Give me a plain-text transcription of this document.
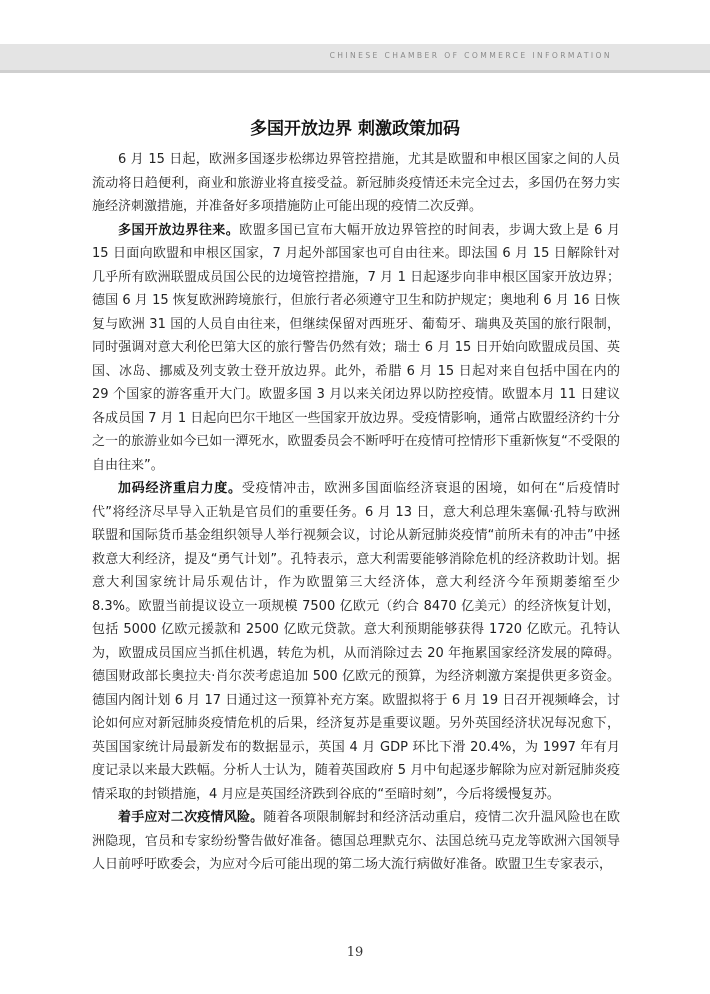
CHINESE CHAMBER OF COMMERCE INFORMATION
多国开放边界 刺激政策加码

6 月 15 日起，欧洲多国逐步松绑边界管控措施，尤其是欧盟和申根区国家之间的人员流动将日趋便利，商业和旅游业将直接受益。新冠肺炎疫情还未完全过去，多国仍在努力实施经济刺激措施，并准备好多项措施防止可能出现的疫情二次反弹。

多国开放边界往来。欧盟多国已宣布大幅开放边界管控的时间表，步调大致上是 6 月 15 日面向欧盟和申根区国家，7 月起外部国家也可自由往来。即法国 6 月 15 日解除针对几乎所有欧洲联盟成员国公民的边境管控措施，7 月 1 日起逐步向非申根区国家开放边界；德国 6 月 15 恢复欧洲跨境旅行，但旅行者必须遵守卫生和防护规定；奥地利 6 月 16 日恢复与欧洲 31 国的人员自由往来，但继续保留对西班牙、葡萄牙、瑞典及英国的旅行限制，同时强调对意大利伦巴第大区的旅行警告仍然有效；瑞士 6 月 15 日开始向欧盟成员国、英国、冰岛、挪威及列支敦士登开放边界。此外，希腊 6 月 15 日起对来自包括中国在内的 29 个国家的游客重开大门。欧盟多国 3 月以来关闭边界以防控疫情。欧盟本月 11 日建议各成员国 7 月 1 日起向巴尔干地区一些国家开放边界。受疫情影响，通常占欧盟经济约十分之一的旅游业如今已如一潭死水，欧盟委员会不断呼吁在疫情可控情形下重新恢复“不受限的自由往来”。

加码经济重启力度。受疫情冲击，欧洲多国面临经济衰退的困境，如何在“后疫情时代”将经济尽早导入正轨是官员们的重要任务。6 月 13 日，意大利总理朱塞佩·孔特与欧洲联盟和国际货币基金组织领导人举行视频会议，讨论从新冠肺炎疫情“前所未有的冲击”中拯救意大利经济，提及“勇气计划”。孔特表示，意大利需要能够消除危机的经济救助计划。据意大利国家统计局乐观估计，作为欧盟第三大经济体，意大利经济今年预期萎缩至少 8.3%。欧盟当前提议设立一项规模 7500 亿欧元（约合 8470 亿美元）的经济恢复计划，包括 5000 亿欧元援款和 2500 亿欧元贷款。意大利预期能够获得 1720 亿欧元。孔特认为，欧盟成员国应当抓住机遇，转危为机，从而消除过去 20 年拖累国家经济发展的障碍。德国财政部长奥拉夫·肖尔茨考虑追加 500 亿欧元的预算，为经济刺激方案提供更多资金。德国内阁计划 6 月 17 日通过这一预算补充方案。欧盟拟将于 6 月 19 日召开视频峰会，讨论如何应对新冠肺炎疫情危机的后果，经济复苏是重要议题。另外英国经济状况每况愈下，英国国家统计局最新发布的数据显示，英国 4 月 GDP 环比下滑 20.4%，为 1997 年有月度记录以来最大跌幅。分析人士认为，随着英国政府 5 月中旬起逐步解除为应对新冠肺炎疫情采取的封锁措施，4 月应是英国经济跌到谷底的“至暗时刻”，今后将缓慢复苏。

着手应对二次疫情风险。随着各项限制解封和经济活动重启，疫情二次升温风险也在欧洲隐现，官员和专家纷纷警告做好准备。德国总理默克尔、法国总统马克龙等欧洲六国领导人日前呼吁欧委会，为应对今后可能出现的第二场大流行病做好准备。欧盟卫生专家表示，

19
